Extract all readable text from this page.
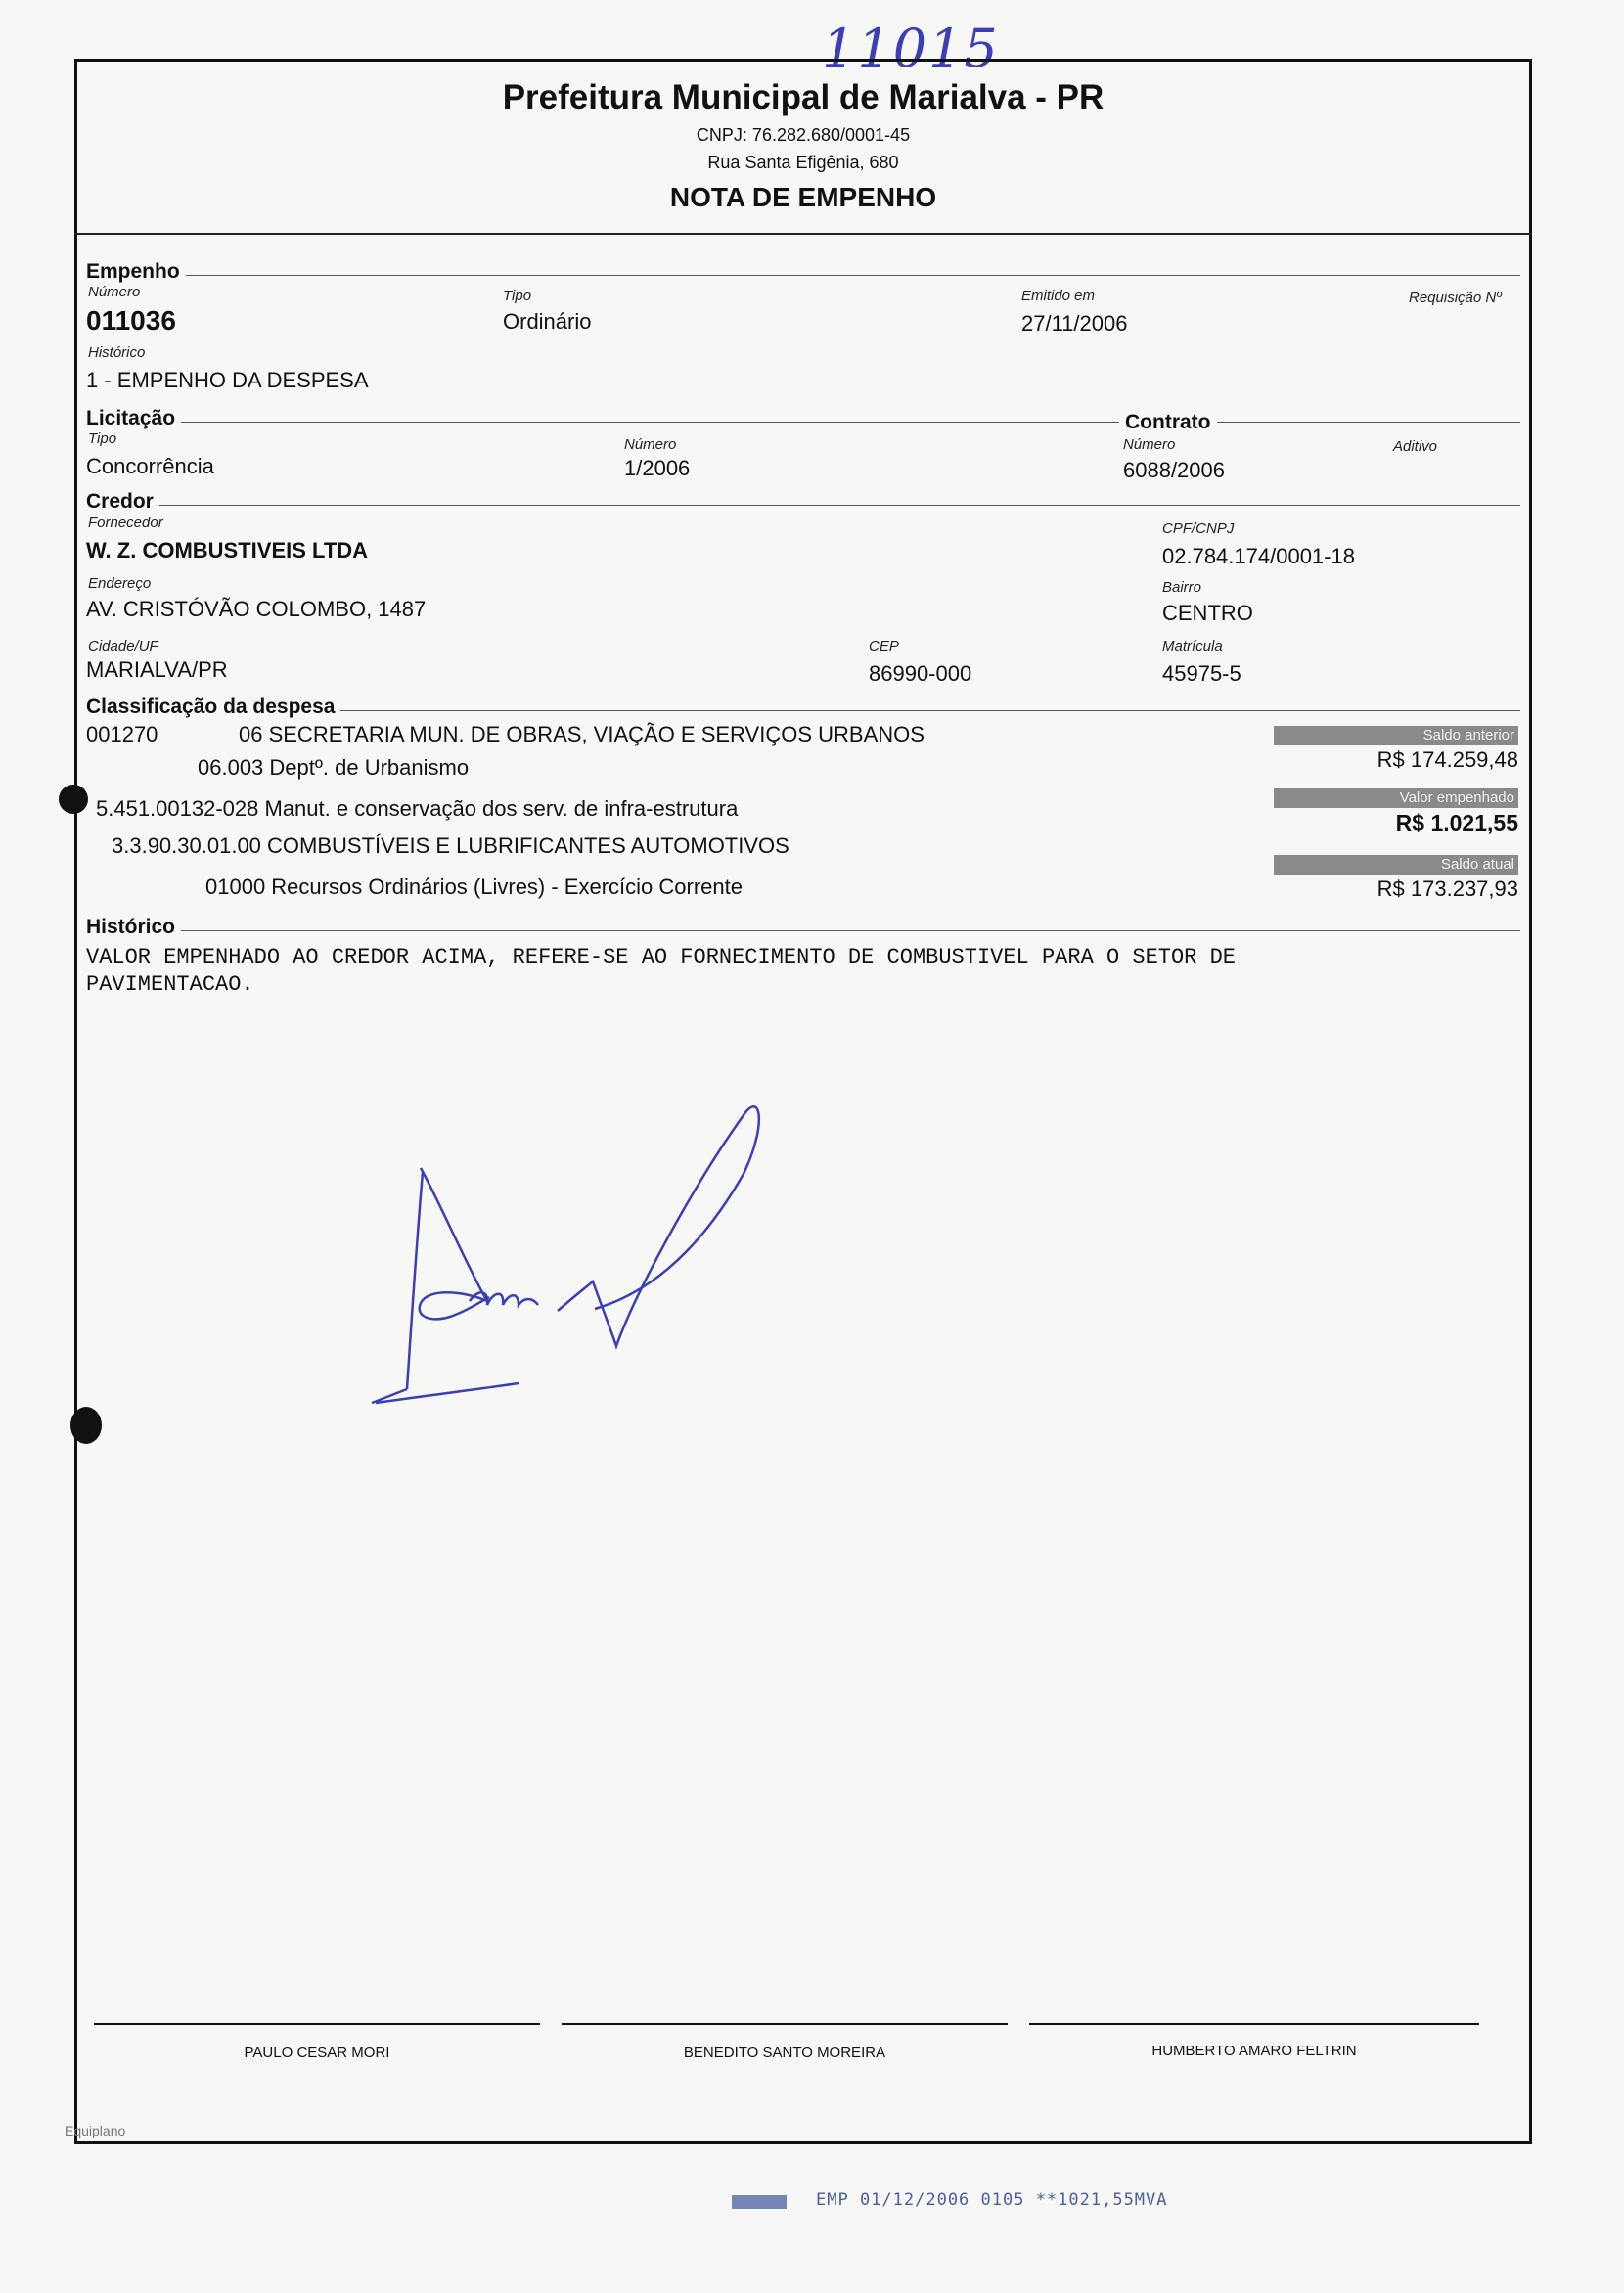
11015
Prefeitura Municipal de Marialva - PR
CNPJ: 76.282.680/0001-45
Rua Santa Efigênia, 680
NOTA DE EMPENHO
Empenho
Número
011036
Tipo
Ordinário
Emitido em
27/11/2006
Requisição Nº
Histórico
1 - EMPENHO DA DESPESA
Licitação	Contrato
Tipo
Concorrência
Número
1/2006
Número
6088/2006
Aditivo
Credor
Fornecedor
W. Z. COMBUSTIVEIS LTDA
CPF/CNPJ
02.784.174/0001-18
Endereço
AV. CRISTÓVÃO COLOMBO, 1487
Bairro
CENTRO
Cidade/UF
MARIALVA/PR
CEP
86990-000
Matrícula
45975-5
Classificação da despesa
001270	06 SECRETARIA MUN. DE OBRAS, VIAÇÃO E SERVIÇOS URBANOS
06.003 Deptº. de Urbanismo
5.451.00132-028 Manut. e conservação dos serv. de infra-estrutura
3.3.90.30.01.00 COMBUSTÍVEIS E LUBRIFICANTES AUTOMOTIVOS
01000 Recursos Ordinários (Livres) - Exercício Corrente
Saldo anterior
R$ 174.259,48
Valor empenhado
R$ 1.021,55
Saldo atual
R$ 173.237,93
Histórico
VALOR EMPENHADO AO CREDOR ACIMA, REFERE-SE AO FORNECIMENTO DE COMBUSTIVEL PARA O SETOR DE
PAVIMENTACAO.
PAULO CESAR MORI	BENEDITO SANTO MOREIRA	HUMBERTO AMARO FELTRIN
Equiplano
EMP 01/12/2006 0105 **1021,55MVA
